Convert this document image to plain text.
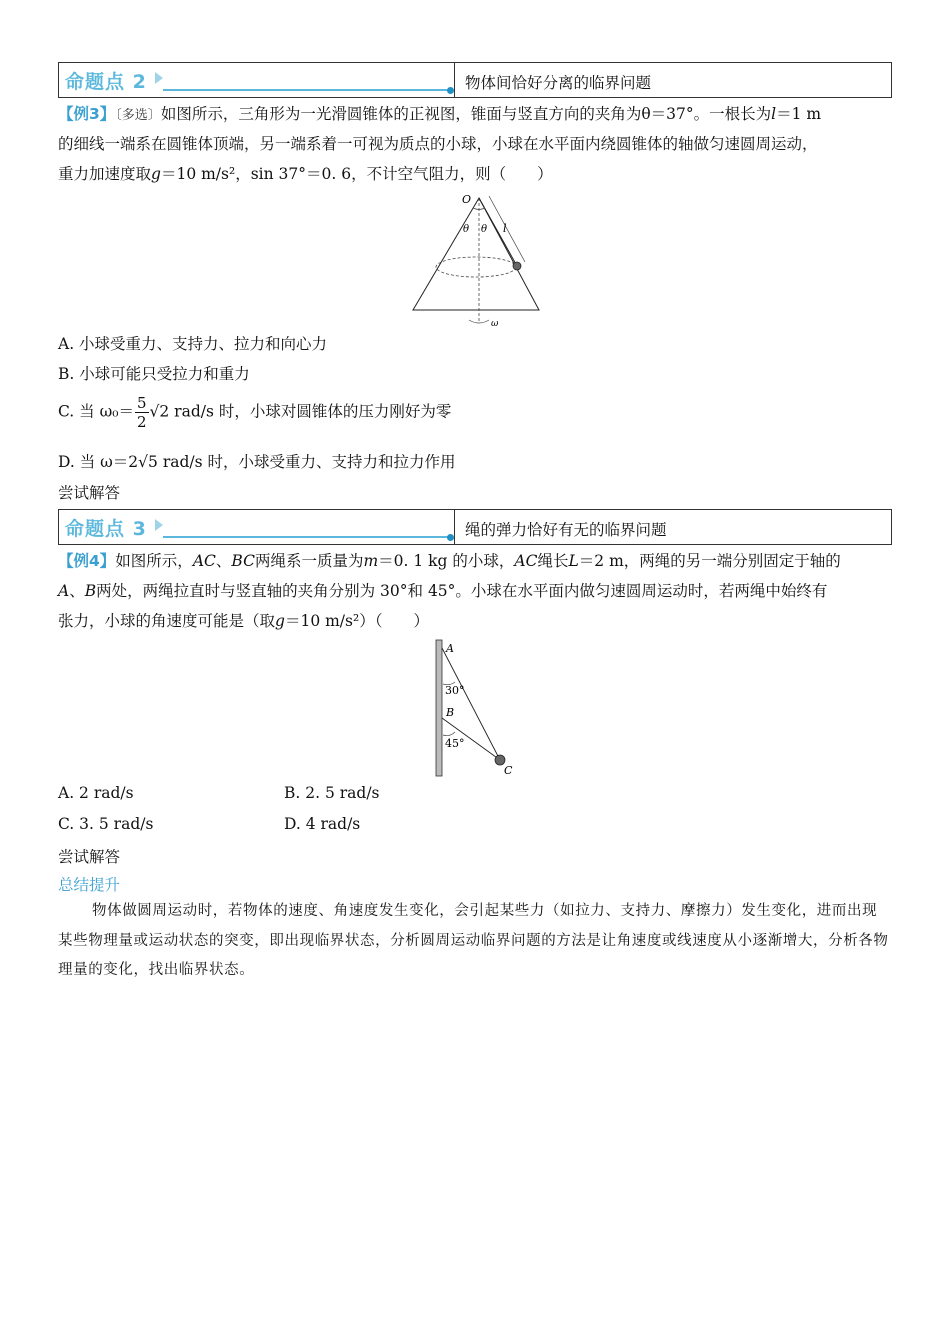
命题点 2	物体间恰好分离的临界问题
【例3】〔多选〕如图所示，三角形为一光滑圆锥体的正视图，锥面与竖直方向的夹角为θ＝37°。一根长为l＝1 m
的细线一端系在圆锥体顶端，另一端系着一可视为质点的小球，小球在水平面内绕圆锥体的轴做匀速圆周运动，
重力加速度取g＝10 m/s²，sin 37°＝0. 6，不计空气阻力，则（　　）
O
θ θ l
ω
A. 小球受重力、支持力、拉力和向心力
B. 小球可能只受拉力和重力
C. 当 $\omega_0= \frac{5}{2} √2$ rad/s 时，小球对圆锥体的压力刚好为零
D. 当 ω＝2√5 rad/s 时，小球受重力、支持力和拉力作用
尝试解答
命题点 3	绳的弹力恰好有无的临界问题
【例4】如图所示，AC、BC两绳系一质量为m＝0. 1 kg 的小球，AC绳长L＝2 m，两绳的另一端分别固定于轴的
A、B两处，两绳拉直时与竖直轴的夹角分别为 30°和 45°。小球在水平面内做匀速圆周运动时，若两绳中始终有
张力，小球的角速度可能是（取g＝10 m/s²）（　　）
A
30°
B
45°
C
A. 2 rad/s	B. 2. 5 rad/s
C. 3. 5 rad/s	D. 4 rad/s
尝试解答
总结提升
物体做圆周运动时，若物体的速度、角速度发生变化，会引起某些力（如拉力、支持力、摩擦力）发生变化，进而出现某些物理量或运动状态的突变，即出现临界状态，分析圆周运动临界问题的方法是让角速度或线速度从小逐渐增大，分析各物理量的变化，找出临界状态。
